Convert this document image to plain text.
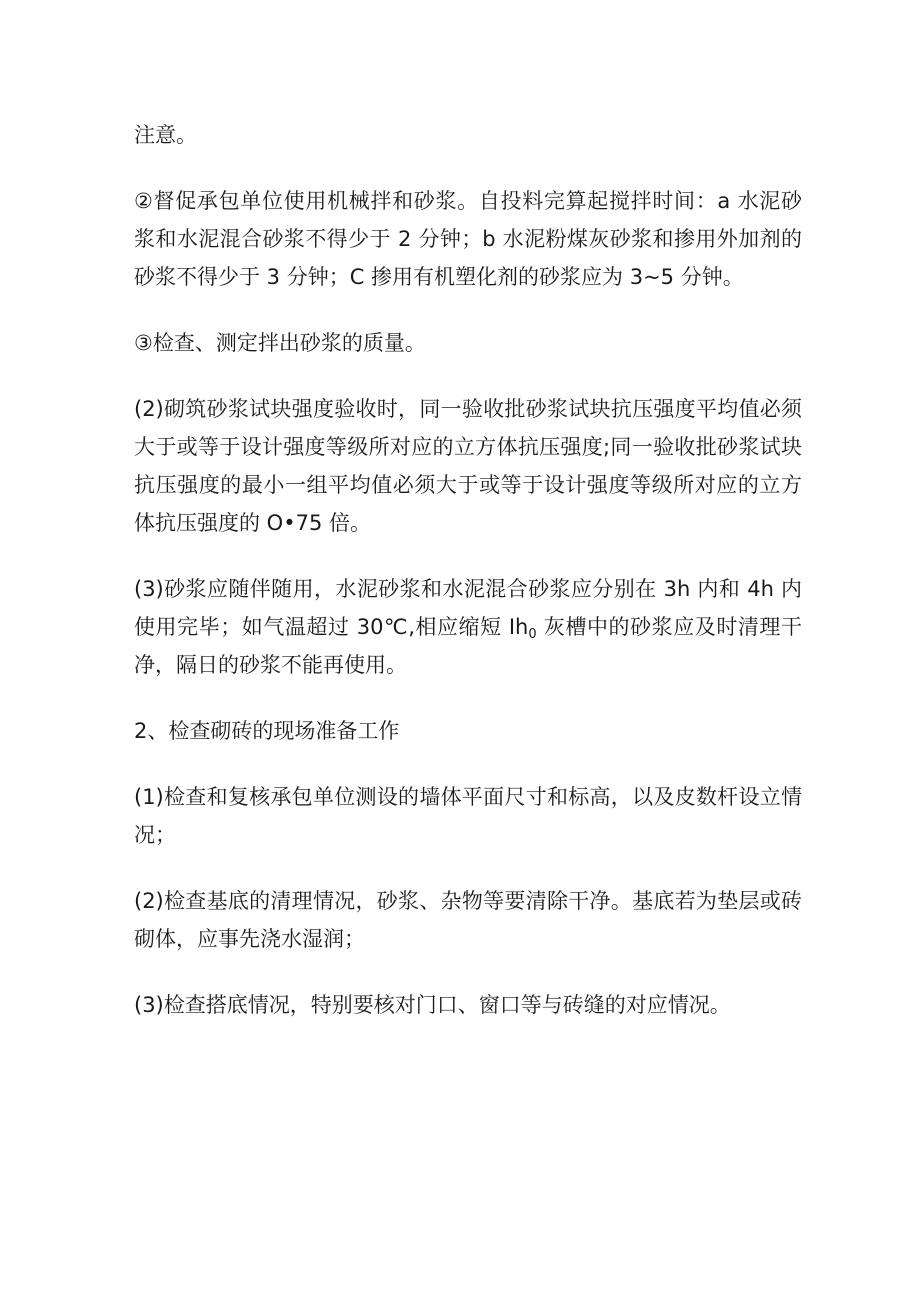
注意。

②督促承包单位使用机械拌和砂浆。自投料完算起搅拌时间：a 水泥砂浆和水泥混合砂浆不得少于 2 分钟；b 水泥粉煤灰砂浆和掺用外加剂的砂浆不得少于 3 分钟；C 掺用有机塑化剂的砂浆应为 3~5 分钟。

③检查、测定拌出砂浆的质量。

(2)砌筑砂浆试块强度验收时，同一验收批砂浆试块抗压强度平均值必须大于或等于设计强度等级所对应的立方体抗压强度;同一验收批砂浆试块抗压强度的最小一组平均值必须大于或等于设计强度等级所对应的立方体抗压强度的 O•75 倍。

(3)砂浆应随伴随用，水泥砂浆和水泥混合砂浆应分别在 3h 内和 4h 内使用完毕；如气温超过 30℃,相应缩短 $Ih_0$ 灰槽中的砂浆应及时清理干净，隔日的砂浆不能再使用。

2、检查砌砖的现场准备工作

(1)检查和复核承包单位测设的墙体平面尺寸和标高，以及皮数杆设立情况；

(2)检查基底的清理情况，砂浆、杂物等要清除干净。基底若为垫层或砖砌体，应事先浇水湿润；

(3)检查搭底情况，特别要核对门口、窗口等与砖缝的对应情况。
